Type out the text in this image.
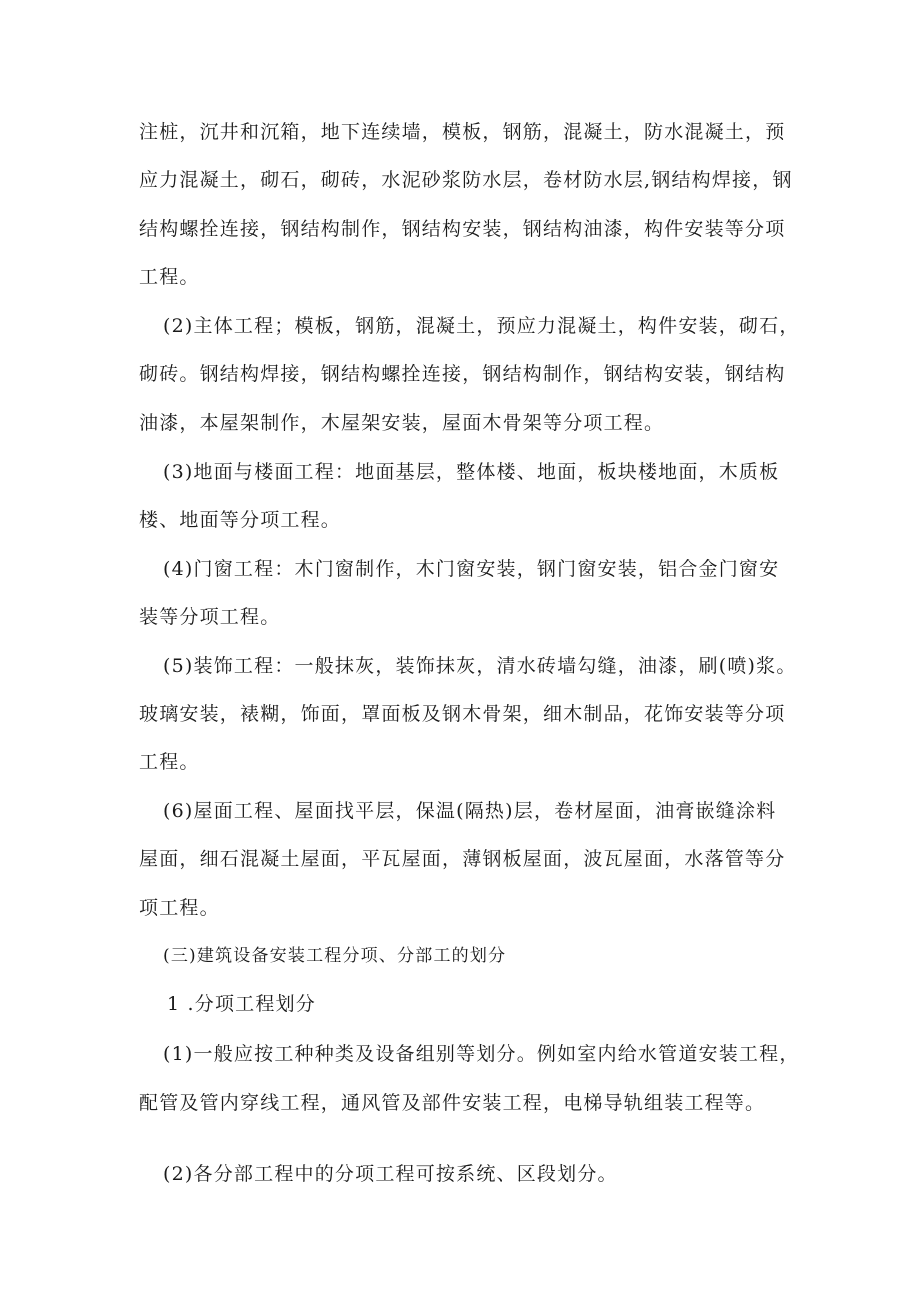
注桩，沉井和沉箱，地下连续墙，模板，钢筋，混凝土，防水混凝土，预
应力混凝土，砌石，砌砖，水泥砂浆防水层，卷材防水层,钢结构焊接，钢
结构螺拴连接，钢结构制作，钢结构安装，钢结构油漆，构件安装等分项
工程。
(2)主体工程；模板，钢筋，混凝土，预应力混凝土，构件安装，砌石，
砌砖。钢结构焊接，钢结构螺拴连接，钢结构制作，钢结构安装，钢结构
油漆，本屋架制作，木屋架安装，屋面木骨架等分项工程。
(3)地面与楼面工程：地面基层，整体楼、地面，板块楼地面，木质板
楼、地面等分项工程。
(4)门窗工程：木门窗制作，木门窗安装，钢门窗安装，铝合金门窗安
装等分项工程。
(5)装饰工程：一般抹灰，装饰抹灰，清水砖墙勾缝，油漆，刷(喷)浆。
玻璃安装，裱糊，饰面，罩面板及钢木骨架，细木制品，花饰安装等分项
工程。
(6)屋面工程、屋面找平层，保温(隔热)层，卷材屋面，油膏嵌缝涂料
屋面，细石混凝土屋面，平瓦屋面，薄钢板屋面，波瓦屋面，水落管等分
项工程。
(三)建筑设备安装工程分项、分部工的划分
1 .分项工程划分
(1)一般应按工种种类及设备组别等划分。例如室内给水管道安装工程，
配管及管内穿线工程，通风管及部件安装工程，电梯导轨组装工程等。
(2)各分部工程中的分项工程可按系统、区段划分。
